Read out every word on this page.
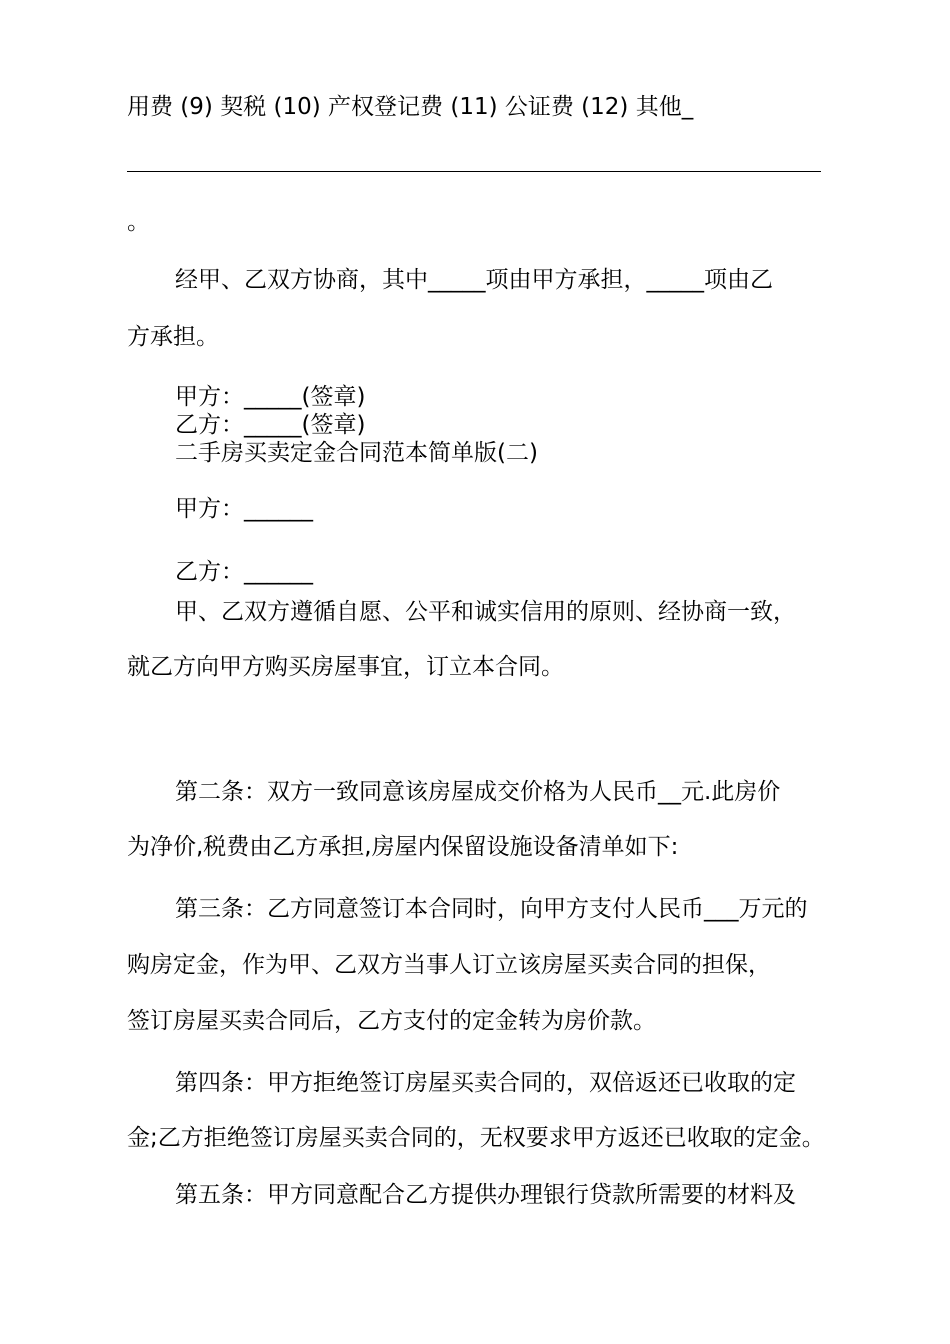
用费 (9) 契税 (10) 产权登记费 (11) 公证费 (12) 其他_

。

经甲、乙双方协商，其中_____项由甲方承担，_____项由乙

方承担。

甲方：_____(签章)

乙方：_____(签章)

二手房买卖定金合同范本简单版(二)

甲方：______

乙方：______

甲、乙双方遵循自愿、公平和诚实信用的原则、经协商一致，

就乙方向甲方购买房屋事宜，订立本合同。

第二条：双方一致同意该房屋成交价格为人民币__元.此房价

为净价,税费由乙方承担,房屋内保留设施设备清单如下:

第三条：乙方同意签订本合同时，向甲方支付人民币___万元的

购房定金，作为甲、乙双方当事人订立该房屋买卖合同的担保，

签订房屋买卖合同后，乙方支付的定金转为房价款。

第四条：甲方拒绝签订房屋买卖合同的，双倍返还已收取的定

金;乙方拒绝签订房屋买卖合同的，无权要求甲方返还已收取的定金。

第五条：甲方同意配合乙方提供办理银行贷款所需要的材料及
